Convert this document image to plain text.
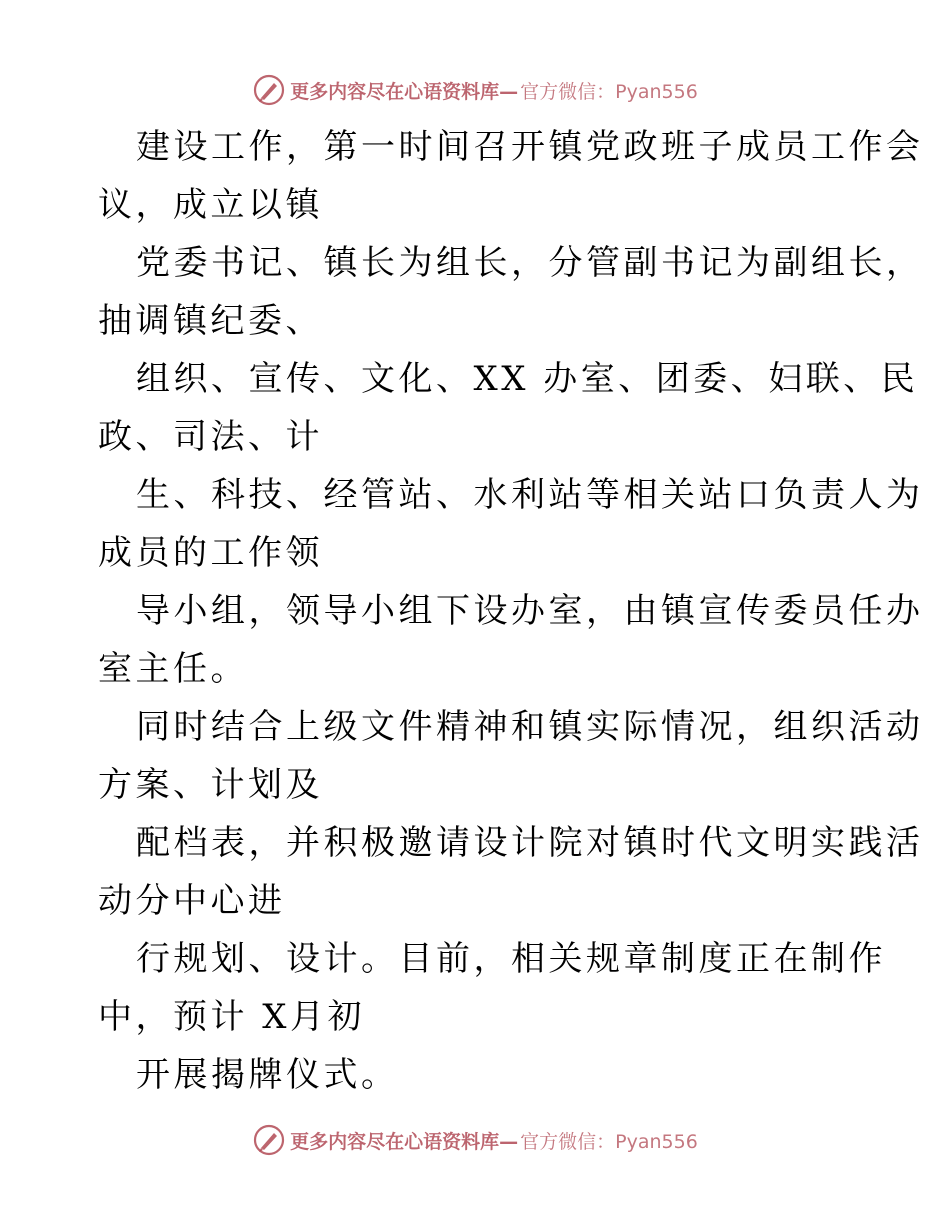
更多内容尽在心语资料库— 官方微信：Pyan556
建设工作，第一时间召开镇党政班子成员工作会
议，成立以镇
党委书记、镇长为组长，分管副书记为副组长，
抽调镇纪委、
组织、宣传、文化、XX 办室、团委、妇联、民
政、司法、计
生、科技、经管站、水利站等相关站口负责人为
成员的工作领
导小组，领导小组下设办室，由镇宣传委员任办
室主任。
同时结合上级文件精神和镇实际情况，组织活动
方案、计划及
配档表，并积极邀请设计院对镇时代文明实践活
动分中心进
行规划、设计。目前，相关规章制度正在制作
中，预计 X月初
开展揭牌仪式。
更多内容尽在心语资料库— 官方微信：Pyan556
